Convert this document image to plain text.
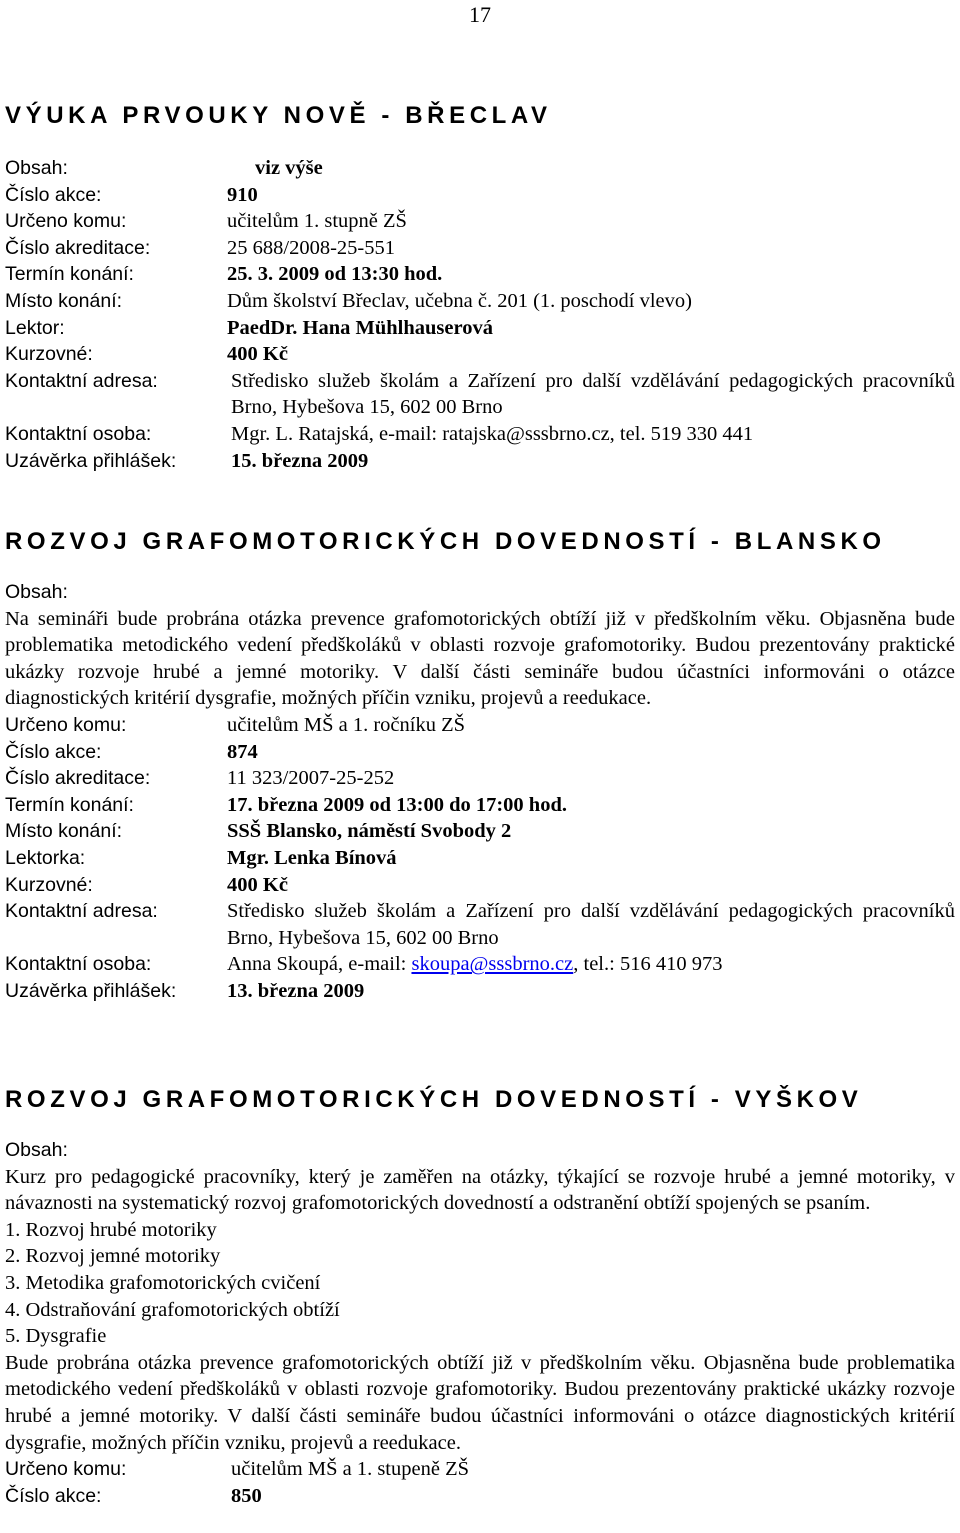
17
VÝUKA PRVOUKY NOVĚ - BŘECLAV
Obsah:	viz výše
Číslo akce:	910
Určeno komu:	učitelům 1. stupně ZŠ
Číslo akreditace:	25 688/2008-25-551
Termín konání:	25. 3. 2009 od 13:30 hod.
Místo konání:	Dům školství Břeclav, učebna č. 201 (1. poschodí vlevo)
Lektor:	PaedDr. Hana Mühlhauserová
Kurzovné:	400 Kč
Kontaktní adresa:	Středisko služeb školám a Zařízení pro další vzdělávání pedagogických pracovníků Brno, Hybešova 15, 602 00 Brno
Kontaktní osoba:	Mgr. L. Ratajská, e-mail: ratajska@sssbrno.cz, tel. 519 330 441
Uzávěrka přihlášek:	15. března 2009
ROZVOJ GRAFOMOTORICKÝCH DOVEDNOSTÍ - BLANSKO
Obsah:

Na semináři bude probrána otázka prevence grafomotorických obtíží již v předškolním věku. Objasněna bude problematika metodického vedení předškoláků v oblasti rozvoje grafomotoriky. Budou prezentovány praktické ukázky rozvoje hrubé a jemné motoriky. V další části semináře budou účastníci informováni o otázce diagnostických kritérií dysgrafie, možných příčin vzniku, projevů a reedukace.

Určeno komu:	učitelům MŠ a 1. ročníku ZŠ
Číslo akce:	874
Číslo akreditace:	11 323/2007-25-252
Termín konání:	17. března 2009 od 13:00 do 17:00 hod.
Místo konání:	SSŠ Blansko, náměstí Svobody 2
Lektorka:	Mgr. Lenka Bínová
Kurzovné:	400 Kč
Kontaktní adresa:	Středisko služeb školám a Zařízení pro další vzdělávání pedagogických pracovníků Brno, Hybešova 15, 602 00 Brno
Kontaktní osoba:	Anna Skoupá, e-mail: skoupa@sssbrno.cz, tel.: 516 410 973
Uzávěrka přihlášek:	13. března 2009
ROZVOJ GRAFOMOTORICKÝCH DOVEDNOSTÍ - VYŠKOV
Obsah:

Kurz pro pedagogické pracovníky, který je zaměřen na otázky, týkající se rozvoje hrubé a jemné motoriky, v návaznosti na systematický rozvoj grafomotorických dovedností a odstranění obtíží spojených se psaním.

1. Rozvoj hrubé motoriky
2. Rozvoj jemné motoriky
3. Metodika grafomotorických cvičení
4. Odstraňování grafomotorických obtíží
5. Dysgrafie

Bude probrána otázka prevence grafomotorických obtíží již v předškolním věku. Objasněna bude problematika metodického vedení předškoláků v oblasti rozvoje grafomotoriky. Budou prezentovány praktické ukázky rozvoje hrubé a jemné motoriky. V další části semináře budou účastníci informováni o otázce diagnostických kritérií dysgrafie, možných příčin vzniku, projevů a reedukace.

Určeno komu:	učitelům MŠ a 1. stupeně ZŠ
Číslo akce:	850
